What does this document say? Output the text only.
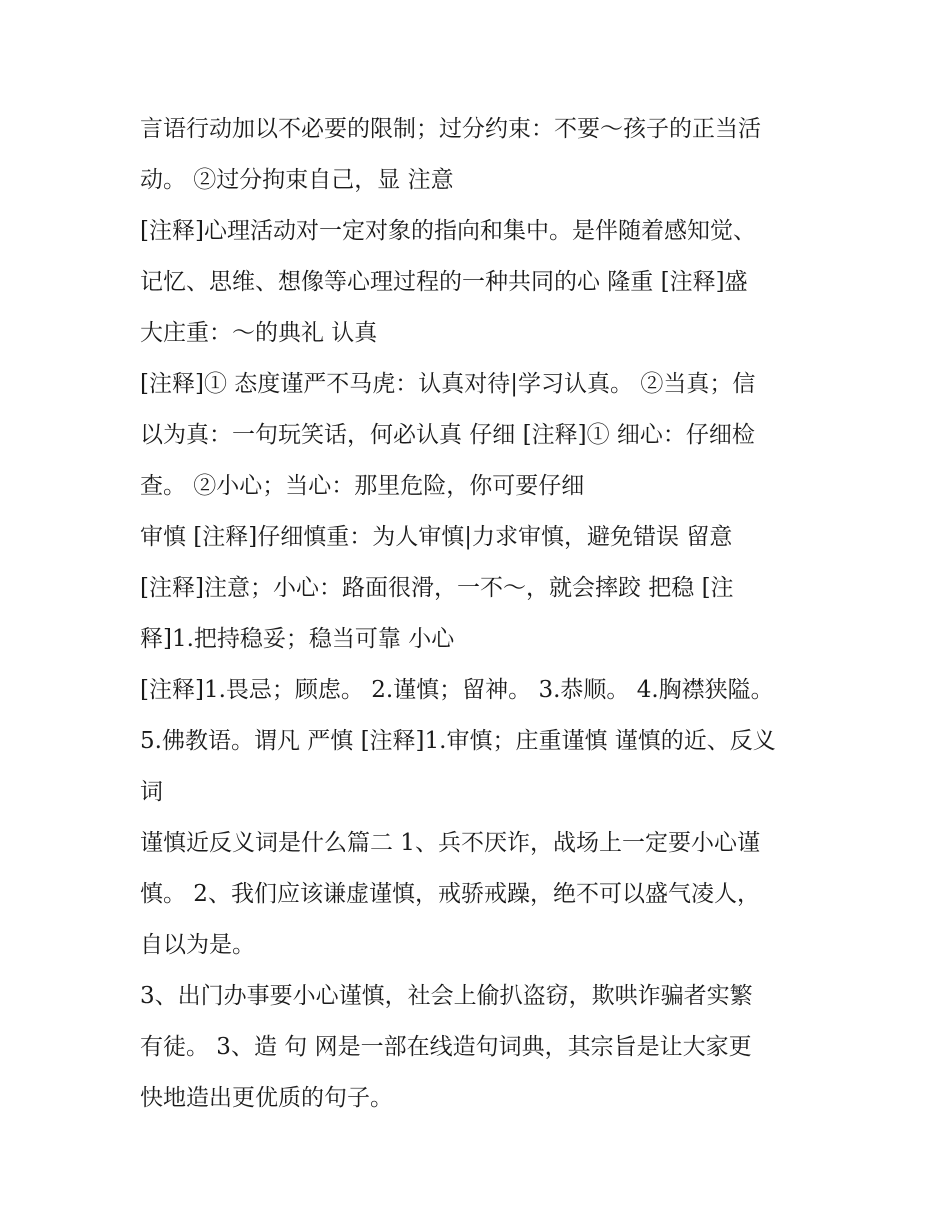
言语行动加以不必要的限制；过分约束：不要～孩子的正当活
动。 ②过分拘束自己，显 注意
[注释]心理活动对一定对象的指向和集中。是伴随着感知觉、
记忆、思维、想像等心理过程的一种共同的心 隆重 [注释]盛
大庄重：～的典礼 认真
[注释]① 态度谨严不马虎：认真对待|学习认真。 ②当真；信
以为真：一句玩笑话，何必认真 仔细 [注释]① 细心：仔细检
查。 ②小心；当心：那里危险，你可要仔细
审慎 [注释]仔细慎重：为人审慎|力求审慎，避免错误 留意
[注释]注意；小心：路面很滑，一不～，就会摔跤 把稳 [注
释]1.把持稳妥；稳当可靠 小心
[注释]1.畏忌；顾虑。 2.谨慎；留神。 3.恭顺。 4.胸襟狭隘。
5.佛教语。谓凡 严慎 [注释]1.审慎；庄重谨慎 谨慎的近、反义
词
谨慎近反义词是什么篇二 1、兵不厌诈，战场上一定要小心谨
慎。 2、我们应该谦虚谨慎，戒骄戒躁，绝不可以盛气凌人，
自以为是。
3、出门办事要小心谨慎，社会上偷扒盗窃，欺哄诈骗者实繁
有徒。 3、造 句 网是一部在线造句词典，其宗旨是让大家更
快地造出更优质的句子。
